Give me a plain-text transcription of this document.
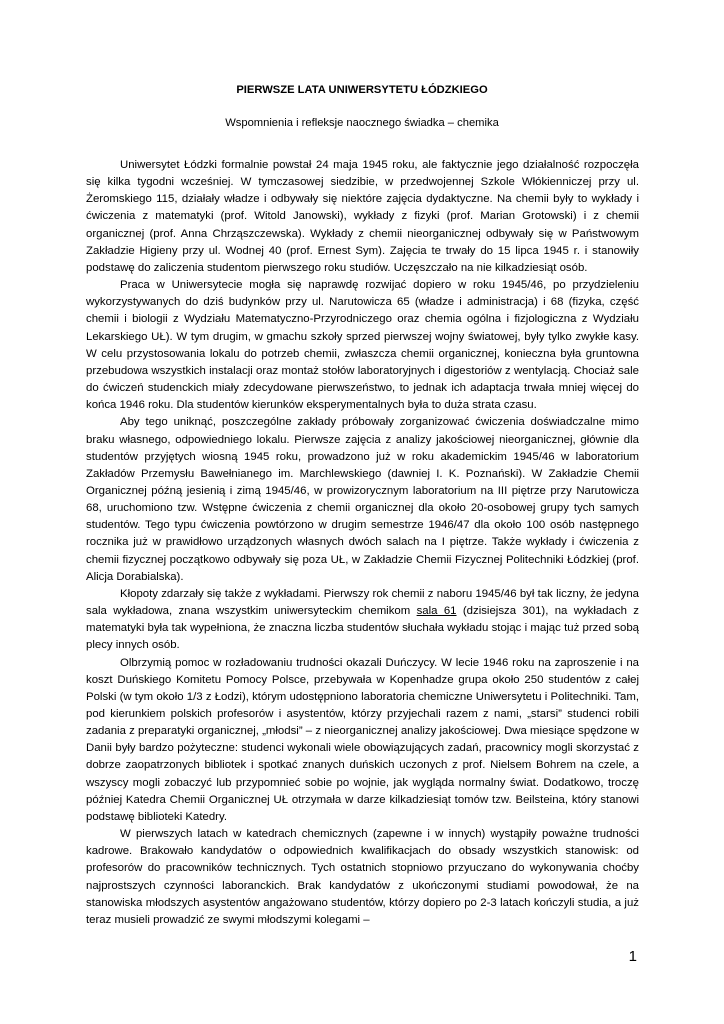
PIERWSZE LATA UNIWERSYTETU ŁÓDZKIEGO
Wspomnienia i refleksje naocznego świadka – chemika

Uniwersytet Łódzki formalnie powstał 24 maja 1945 roku, ale faktycznie jego działalność rozpoczęła się kilka tygodni wcześniej. W tymczasowej siedzibie, w przedwojennej Szkole Włókienniczej przy ul. Żeromskiego 115, działały władze i odbywały się niektóre zajęcia dydaktyczne. Na chemii były to wykłady i ćwiczenia z matematyki (prof. Witold Janowski), wykłady z fizyki (prof. Marian Grotowski) i z chemii organicznej (prof. Anna Chrząszczewska). Wykłady z chemii nieorganicznej odbywały się w Państwowym Zakładzie Higieny przy ul. Wodnej 40 (prof. Ernest Sym). Zajęcia te trwały do 15 lipca 1945 r. i stanowiły podstawę do zaliczenia studentom pierwszego roku studiów. Uczęszczało na nie kilkadziesiąt osób.

Praca w Uniwersytecie mogła się naprawdę rozwijać dopiero w roku 1945/46, po przydzieleniu wykorzystywanych do dziś budynków przy ul. Narutowicza 65 (władze i administracja) i 68 (fizyka, część chemii i biologii z Wydziału Matematyczno-Przyrodniczego oraz chemia ogólna i fizjologiczna z Wydziału Lekarskiego UŁ). W tym drugim, w gmachu szkoły sprzed pierwszej wojny światowej, były tylko zwykłe kasy. W celu przystosowania lokalu do potrzeb chemii, zwłaszcza chemii organicznej, konieczna była gruntowna przebudowa wszystkich instalacji oraz montaż stołów laboratoryjnych i digestoriów z wentylacją. Chociaż sale do ćwiczeń studenckich miały zdecydowane pierwszeństwo, to jednak ich adaptacja trwała mniej więcej do końca 1946 roku. Dla studentów kierunków eksperymentalnych była to duża strata czasu.

Aby tego uniknąć, poszczególne zakłady próbowały zorganizować ćwiczenia doświadczalne mimo braku własnego, odpowiedniego lokalu. Pierwsze zajęcia z analizy jakościowej nieorganicznej, głównie dla studentów przyjętych wiosną 1945 roku, prowadzono już w roku akademickim 1945/46 w laboratorium Zakładów Przemysłu Bawełnianego im. Marchlewskiego (dawniej I. K. Poznański). W Zakładzie Chemii Organicznej późną jesienią i zimą 1945/46, w prowizorycznym laboratorium na III piętrze przy Narutowicza 68, uruchomiono tzw. Wstępne ćwiczenia z chemii organicznej dla około 20-osobowej grupy tych samych studentów. Tego typu ćwiczenia powtórzono w drugim semestrze 1946/47 dla około 100 osób następnego rocznika już w prawidłowo urządzonych własnych dwóch salach na I piętrze. Także wykłady i ćwiczenia z chemii fizycznej początkowo odbywały się poza UŁ, w Zakładzie Chemii Fizycznej Politechniki Łódzkiej (prof. Alicja Dorabialska).

Kłopoty zdarzały się także z wykładami. Pierwszy rok chemii z naboru 1945/46 był tak liczny, że jedyna sala wykładowa, znana wszystkim uniwersyteckim chemikom sala 61 (dzisiejsza 301), na wykładach z matematyki była tak wypełniona, że znaczna liczba studentów słuchała wykładu stojąc i mając tuż przed sobą plecy innych osób.

Olbrzymią pomoc w rozładowaniu trudności okazali Duńczycy. W lecie 1946 roku na zaproszenie i na koszt Duńskiego Komitetu Pomocy Polsce, przebywała w Kopenhadze grupa około 250 studentów z całej Polski (w tym około 1/3 z Łodzi), którym udostępniono laboratoria chemiczne Uniwersytetu i Politechniki. Tam, pod kierunkiem polskich profesorów i asystentów, którzy przyjechali razem z nami, „starsi” studenci robili zadania z preparatyki organicznej, „młodsi” – z nieorganicznej analizy jakościowej. Dwa miesiące spędzone w Danii były bardzo pożyteczne: studenci wykonali wiele obowiązujących zadań, pracownicy mogli skorzystać z dobrze zaopatrzonych bibliotek i spotkać znanych duńskich uczonych z prof. Nielsem Bohrem na czele, a wszyscy mogli zobaczyć lub przypomnieć sobie po wojnie, jak wygląda normalny świat. Dodatkowo, troczę później Katedra Chemii Organicznej UŁ otrzymała w darze kilkadziesiąt tomów tzw. Beilsteina, który stanowi podstawę biblioteki Katedry.

W pierwszych latach w katedrach chemicznych (zapewne i w innych) wystąpiły poważne trudności kadrowe. Brakowało kandydatów o odpowiednich kwalifikacjach do obsady wszystkich stanowisk: od profesorów do pracowników technicznych. Tych ostatnich stopniowo przyuczano do wykonywania choćby najprostszych czynności laboranckich. Brak kandydatów z ukończonymi studiami powodował, że na stanowiska młodszych asystentów angażowano studentów, którzy dopiero po 2-3 latach kończyli studia, a już teraz musieli prowadzić ze swymi młodszymi kolegami –

1
